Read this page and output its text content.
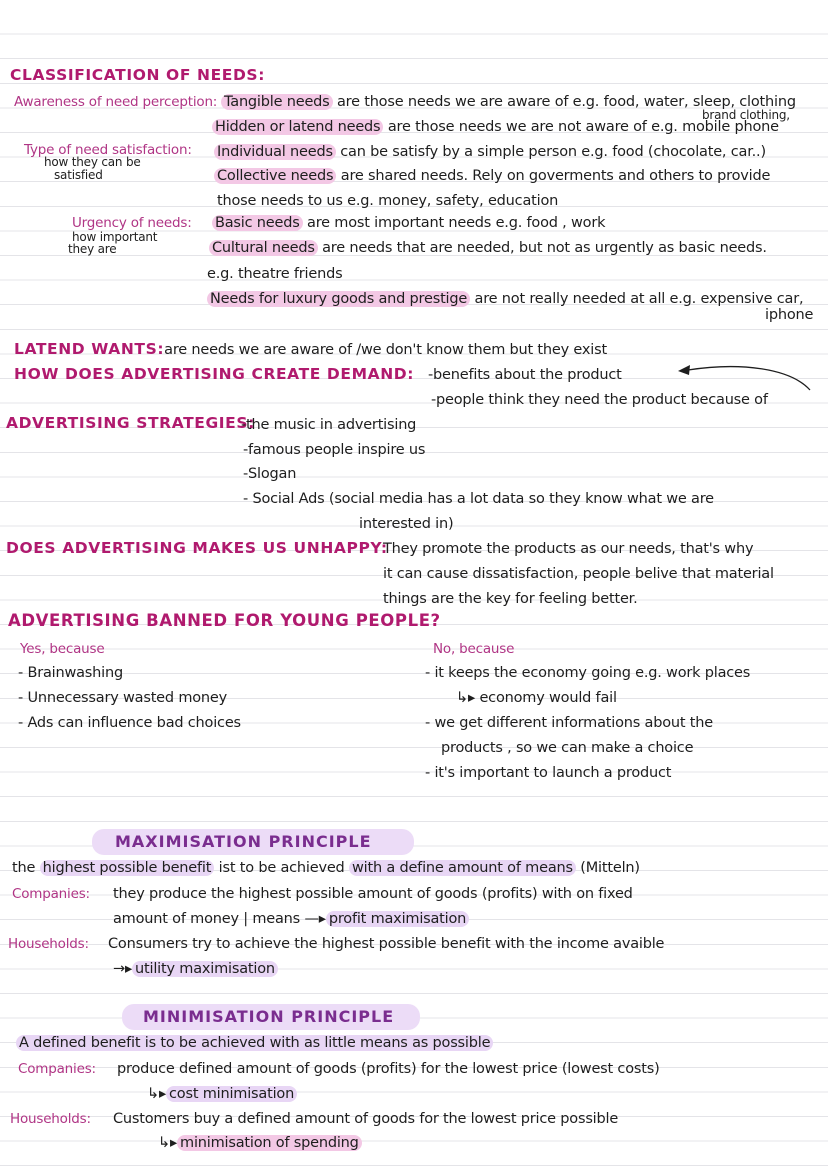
CLASSIFICATION OF NEEDS:
Awareness of need perception: Tangible needs are those needs we are aware of e.g. food, water, sleep, clothing
brand clothing,
Hidden or latend needs are those needs we are not aware of e.g. mobile phone
Type of need satisfaction:
how they can be
satisfied
Individual needs can be satisfy by a simple person e.g. food (chocolate, car..)
Collective needs are shared needs. Rely on goverments and others to provide
those needs to us e.g. money, safety, education
Urgency of needs:
how important
they are
Basic needs are most important needs e.g. food , work
Cultural needs are needs that are needed, but not as urgently as basic needs.
e.g. theatre friends
Needs for luxury goods and prestige are not really needed at all e.g. expensive car,
iphone
LATEND WANTS:are needs we are aware of /we don't know them but they exist
HOW DOES ADVERTISING CREATE DEMAND: -benefits about the product
-people think they need the product because of
ADVERTISING STRATEGIES:
-the music in advertising
-famous people inspire us
-Slogan
- Social Ads (social media has a lot data so they know what we are
interested in)
DOES ADVERTISING MAKES US UNHAPPY:
They promote the products as our needs, that's why
it can cause dissatisfaction, people belive that material
things are the key for feeling better.
ADVERTISING BANNED FOR YOUNG PEOPLE?
Yes, because
- Brainwashing
- Unnecessary wasted money
- Ads can influence bad choices
No, because
- it keeps the economy going e.g. work places
↳▸ economy would fail
- we get different informations about the
products , so we can make a choice
- it's important to launch a product
MAXIMISATION PRINCIPLE
the highest possible benefit ist to be achieved with a define amount of means (Mitteln)
Companies: they produce the highest possible amount of goods (profits) with on fixed
amount of money | means —▸ profit maximisation
Households: Consumers try to achieve the highest possible benefit with the income avaible
→▸ utility maximisation
MINIMISATION PRINCIPLE
A defined benefit is to be achieved with as little means as possible
Companies: produce defined amount of goods (profits) for the lowest price (lowest costs)
↳▸ cost minimisation
Households: Customers buy a defined amount of goods for the lowest price possible
↳▸ minimisation of spending
